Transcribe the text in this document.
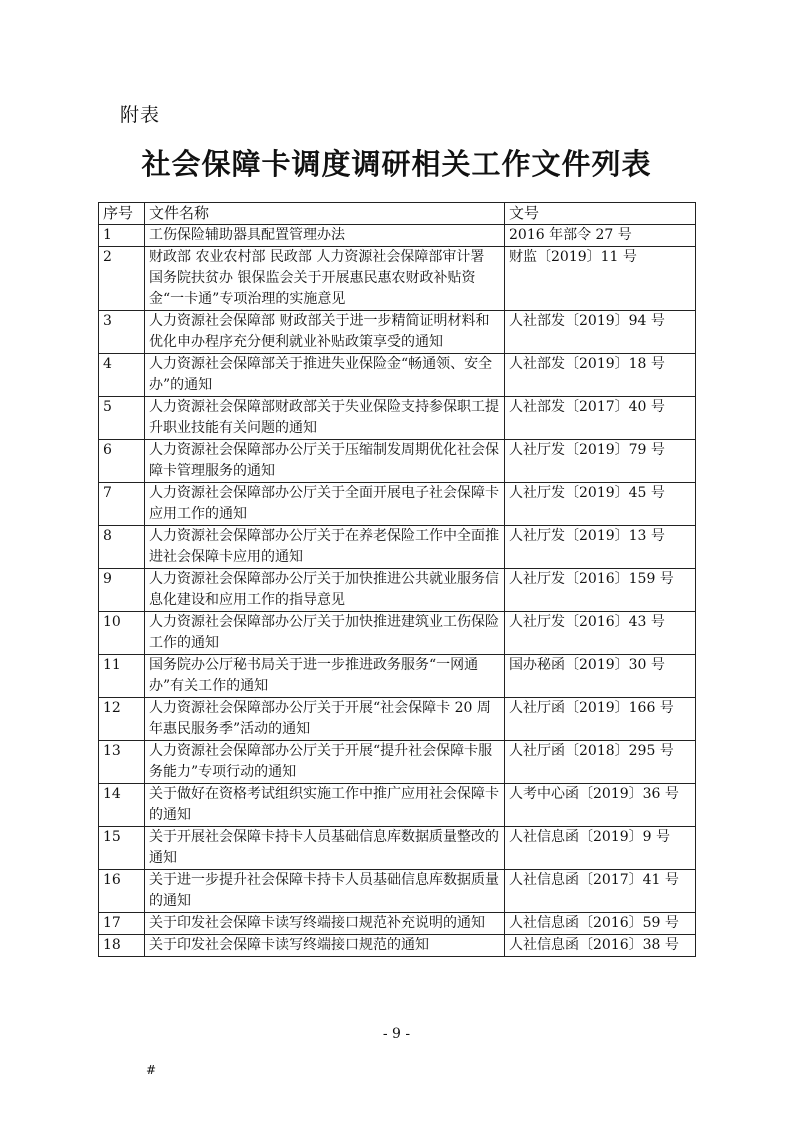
附表
社会保障卡调度调研相关工作文件列表
序号	文件名称	文号
1	工伤保险辅助器具配置管理办法	2016 年部令 27 号
2	财政部 农业农村部 民政部 人力资源社会保障部审计署 国务院扶贫办 银保监会关于开展惠民惠农财政补贴资金“一卡通”专项治理的实施意见	财监〔2019〕11 号
3	人力资源社会保障部 财政部关于进一步精简证明材料和优化申办程序充分便利就业补贴政策享受的通知	人社部发〔2019〕94 号
4	人力资源社会保障部关于推进失业保险金“畅通领、安全办”的通知	人社部发〔2019〕18 号
5	人力资源社会保障部财政部关于失业保险支持参保职工提升职业技能有关问题的通知	人社部发〔2017〕40 号
6	人力资源社会保障部办公厅关于压缩制发周期优化社会保障卡管理服务的通知	人社厅发〔2019〕79 号
7	人力资源社会保障部办公厅关于全面开展电子社会保障卡应用工作的通知	人社厅发〔2019〕45 号
8	人力资源社会保障部办公厅关于在养老保险工作中全面推进社会保障卡应用的通知	人社厅发〔2019〕13 号
9	人力资源社会保障部办公厅关于加快推进公共就业服务信息化建设和应用工作的指导意见	人社厅发〔2016〕159 号
10	人力资源社会保障部办公厅关于加快推进建筑业工伤保险工作的通知	人社厅发〔2016〕43 号
11	国务院办公厅秘书局关于进一步推进政务服务“一网通办”有关工作的通知	国办秘函〔2019〕30 号
12	人力资源社会保障部办公厅关于开展“社会保障卡 20 周年惠民服务季”活动的通知	人社厅函〔2019〕166 号
13	人力资源社会保障部办公厅关于开展“提升社会保障卡服务能力”专项行动的通知	人社厅函〔2018〕295 号
14	关于做好在资格考试组织实施工作中推广应用社会保障卡的通知	人考中心函〔2019〕36 号
15	关于开展社会保障卡持卡人员基础信息库数据质量整改的通知	人社信息函〔2019〕9 号
16	关于进一步提升社会保障卡持卡人员基础信息库数据质量的通知	人社信息函〔2017〕41 号
17	关于印发社会保障卡读写终端接口规范补充说明的通知	人社信息函〔2016〕59 号
18	关于印发社会保障卡读写终端接口规范的通知	人社信息函〔2016〕38 号
- 9 -
#
